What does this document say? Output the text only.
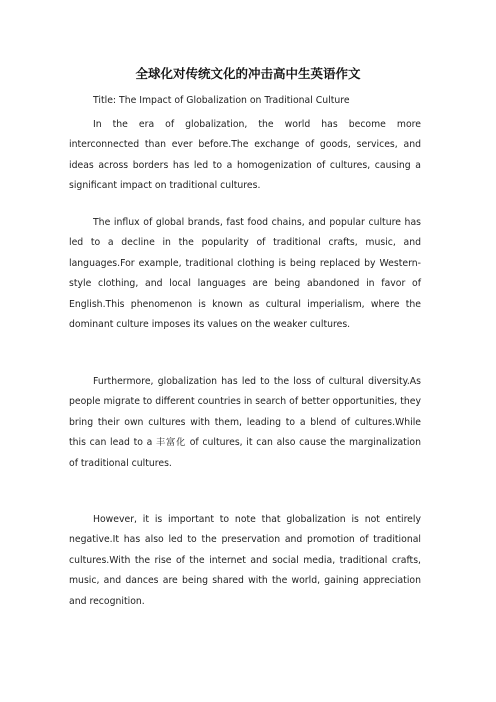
全球化对传统文化的冲击高中生英语作文
Title: The Impact of Globalization on Traditional Culture

In the era of globalization, the world has become more interconnected than ever before.The exchange of goods, services, and ideas across borders has led to a homogenization of cultures, causing a significant impact on traditional cultures.

The influx of global brands, fast food chains, and popular culture has led to a decline in the popularity of traditional crafts, music, and languages.For example, traditional clothing is being replaced by Western-style clothing, and local languages are being abandoned in favor of English.This phenomenon is known as cultural imperialism, where the dominant culture imposes its values on the weaker cultures.

Furthermore, globalization has led to the loss of cultural diversity.As people migrate to different countries in search of better opportunities, they bring their own cultures with them, leading to a blend of cultures.While this can lead to a 丰富化 of cultures, it can also cause the marginalization of traditional cultures.

However, it is important to note that globalization is not entirely negative.It has also led to the preservation and promotion of traditional cultures.With the rise of the internet and social media, traditional crafts, music, and dances are being shared with the world, gaining appreciation and recognition.
